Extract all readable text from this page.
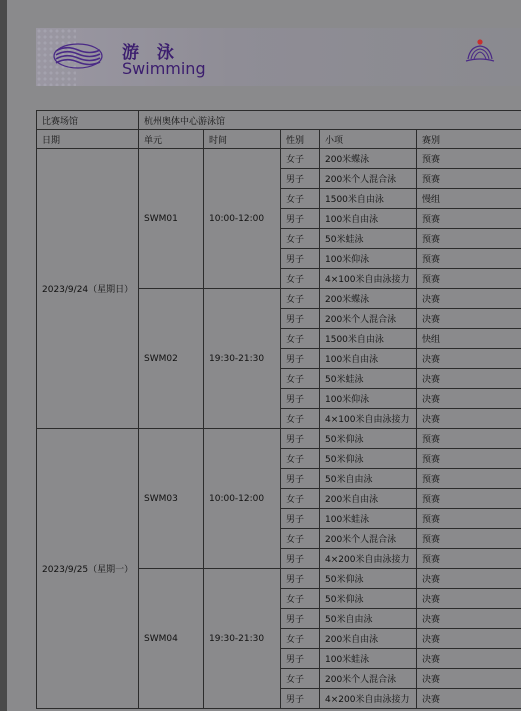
游 泳
Swimming
比赛场馆	杭州奥体中心游泳馆				
日期	单元	时间	性别	小项	赛别
2023/9/24（星期日）	SWM01	10:00-12:00	女子	200米蝶泳	预赛
			男子	200米个人混合泳	预赛
			女子	1500米自由泳	慢组
			男子	100米自由泳	预赛
			女子	50米蛙泳	预赛
			男子	100米仰泳	预赛
			女子	4×100米自由泳接力	预赛
	SWM02	19:30-21:30	女子	200米蝶泳	决赛
			男子	200米个人混合泳	决赛
			女子	1500米自由泳	快组
			男子	100米自由泳	决赛
			女子	50米蛙泳	决赛
			男子	100米仰泳	决赛
			女子	4×100米自由泳接力	决赛
2023/9/25（星期一）	SWM03	10:00-12:00	男子	50米仰泳	预赛
			女子	50米仰泳	预赛
			男子	50米自由泳	预赛
			女子	200米自由泳	预赛
			男子	100米蛙泳	预赛
			女子	200米个人混合泳	预赛
			男子	4×200米自由泳接力	预赛
	SWM04	19:30-21:30	男子	50米仰泳	决赛
			女子	50米仰泳	决赛
			男子	50米自由泳	决赛
			女子	200米自由泳	决赛
			男子	100米蛙泳	决赛
			女子	200米个人混合泳	决赛
			男子	4×200米自由泳接力	决赛
